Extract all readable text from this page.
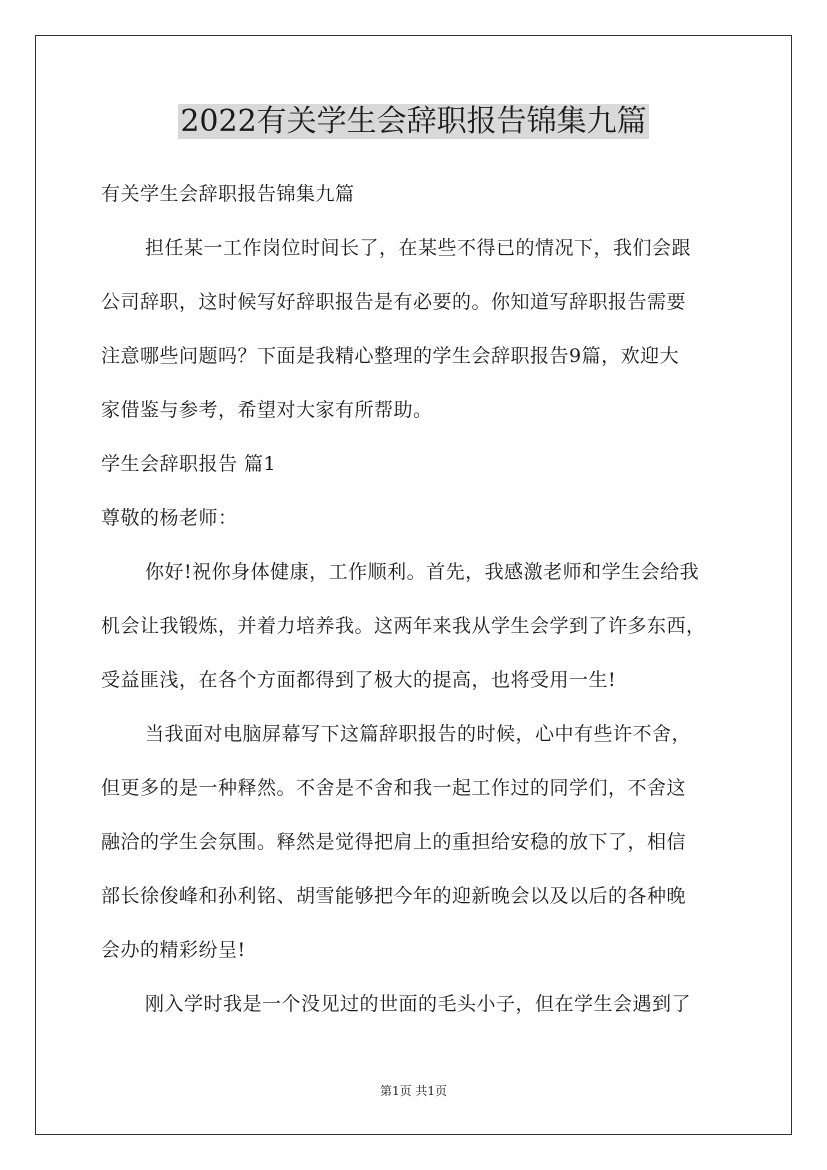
2022有关学生会辞职报告锦集九篇
有关学生会辞职报告锦集九篇
担任某一工作岗位时间长了，在某些不得已的情况下，我们会跟
公司辞职，这时候写好辞职报告是有必要的。你知道写辞职报告需要
注意哪些问题吗？下面是我精心整理的学生会辞职报告9篇，欢迎大
家借鉴与参考，希望对大家有所帮助。
学生会辞职报告 篇1
尊敬的杨老师：
你好!祝你身体健康，工作顺利。首先，我感激老师和学生会给我
机会让我锻炼，并着力培养我。这两年来我从学生会学到了许多东西，
受益匪浅，在各个方面都得到了极大的提高，也将受用一生!
当我面对电脑屏幕写下这篇辞职报告的时候，心中有些许不舍，
但更多的是一种释然。不舍是不舍和我一起工作过的同学们，不舍这
融洽的学生会氛围。释然是觉得把肩上的重担给安稳的放下了，相信
部长徐俊峰和孙利铭、胡雪能够把今年的迎新晚会以及以后的各种晚
会办的精彩纷呈!
刚入学时我是一个没见过的世面的毛头小子，但在学生会遇到了
第1页 共1页
